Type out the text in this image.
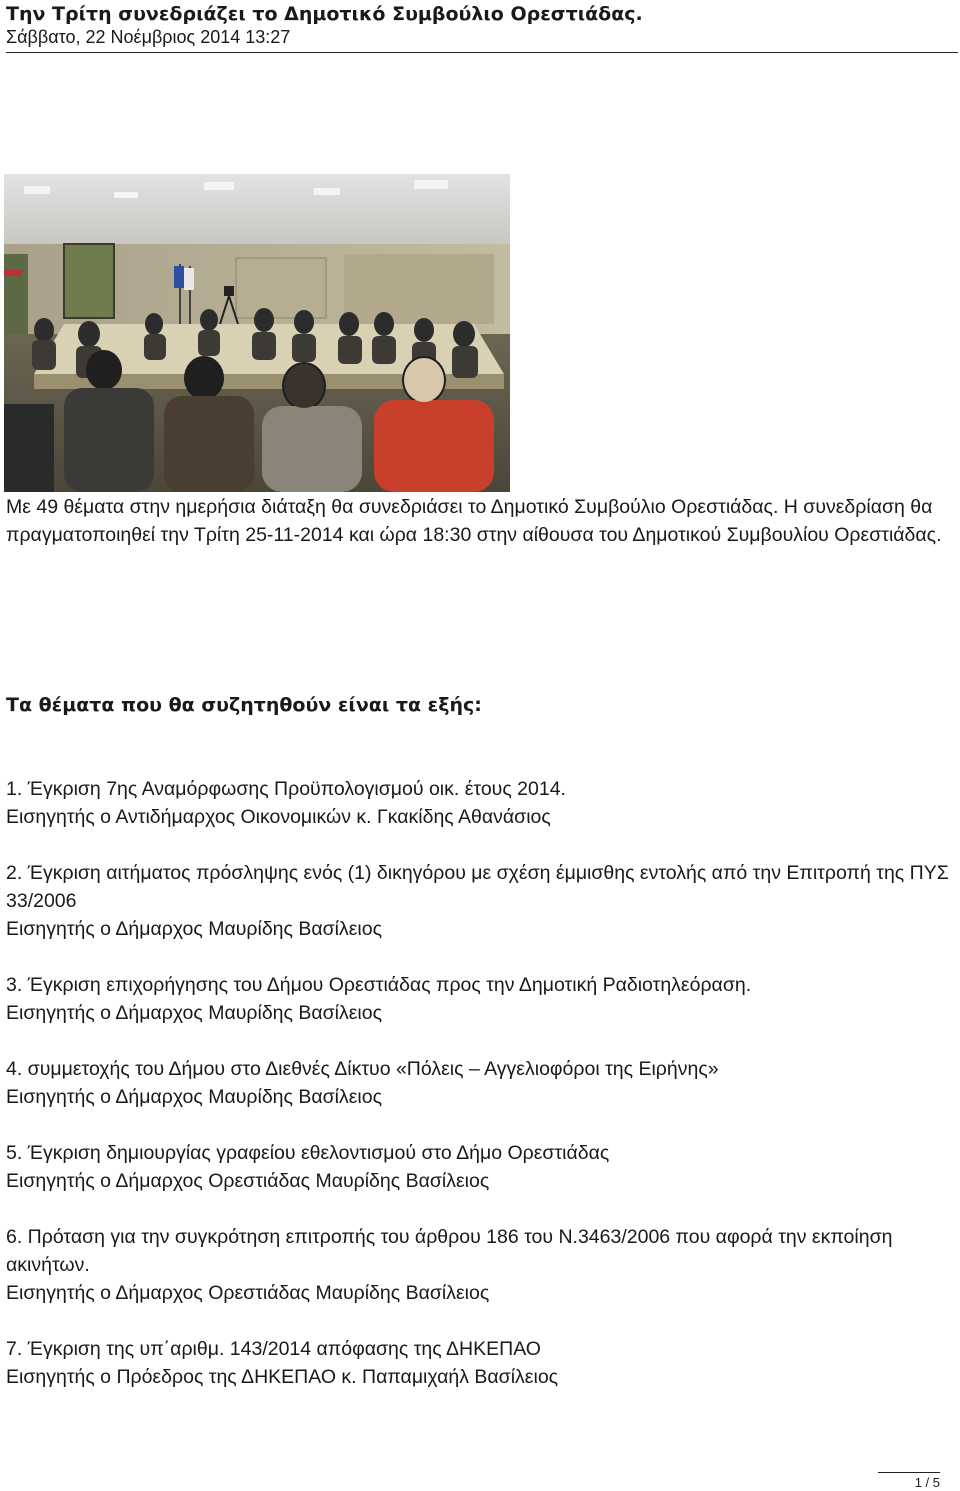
Την Τρίτη συνεδριάζει το Δημοτικό Συμβούλιο Ορεστιάδας.
Σάββατο, 22 Νοέμβριος 2014 13:27

Με 49 θέματα στην ημερήσια διάταξη θα συνεδριάσει το Δημοτικό Συμβούλιο Ορεστιάδας. Η συνεδρίαση θα πραγματοποιηθεί την Τρίτη 25-11-2014 και ώρα 18:30 στην αίθουσα του Δημοτικού Συμβουλίου Ορεστιάδας.

Τα θέματα που θα συζητηθούν είναι τα εξής:
1. Έγκριση 7ης Αναμόρφωσης Προϋπολογισμού οικ. έτους 2014.
Εισηγητής ο Αντιδήμαρχος Οικονομικών κ. Γκακίδης Αθανάσιος
2. Έγκριση αιτήματος πρόσληψης ενός (1) δικηγόρου με σχέση έμμισθης εντολής από την Επιτροπή της ΠΥΣ 33/2006
Εισηγητής ο Δήμαρχος Μαυρίδης Βασίλειος
3. Έγκριση επιχορήγησης του Δήμου Ορεστιάδας προς την Δημοτική Ραδιοτηλεόραση.
Εισηγητής ο Δήμαρχος Μαυρίδης Βασίλειος
4. συμμετοχής του Δήμου στο Διεθνές Δίκτυο «Πόλεις – Αγγελιοφόροι της Ειρήνης»
Εισηγητής ο Δήμαρχος Μαυρίδης Βασίλειος
5. Έγκριση δημιουργίας γραφείου εθελοντισμού στο Δήμο Ορεστιάδας
Εισηγητής ο Δήμαρχος Ορεστιάδας Μαυρίδης Βασίλειος
6. Πρόταση για την συγκρότηση επιτροπής του άρθρου 186 του Ν.3463/2006 που αφορά την εκποίηση ακινήτων.
Εισηγητής ο Δήμαρχος Ορεστιάδας Μαυρίδης Βασίλειος
7. Έγκριση της υπ΄αριθμ. 143/2014 απόφασης της ΔΗΚΕΠΑΟ
Εισηγητής ο Πρόεδρος της ΔΗΚΕΠΑΟ κ. Παπαμιχαήλ Βασίλειος
1 / 5
